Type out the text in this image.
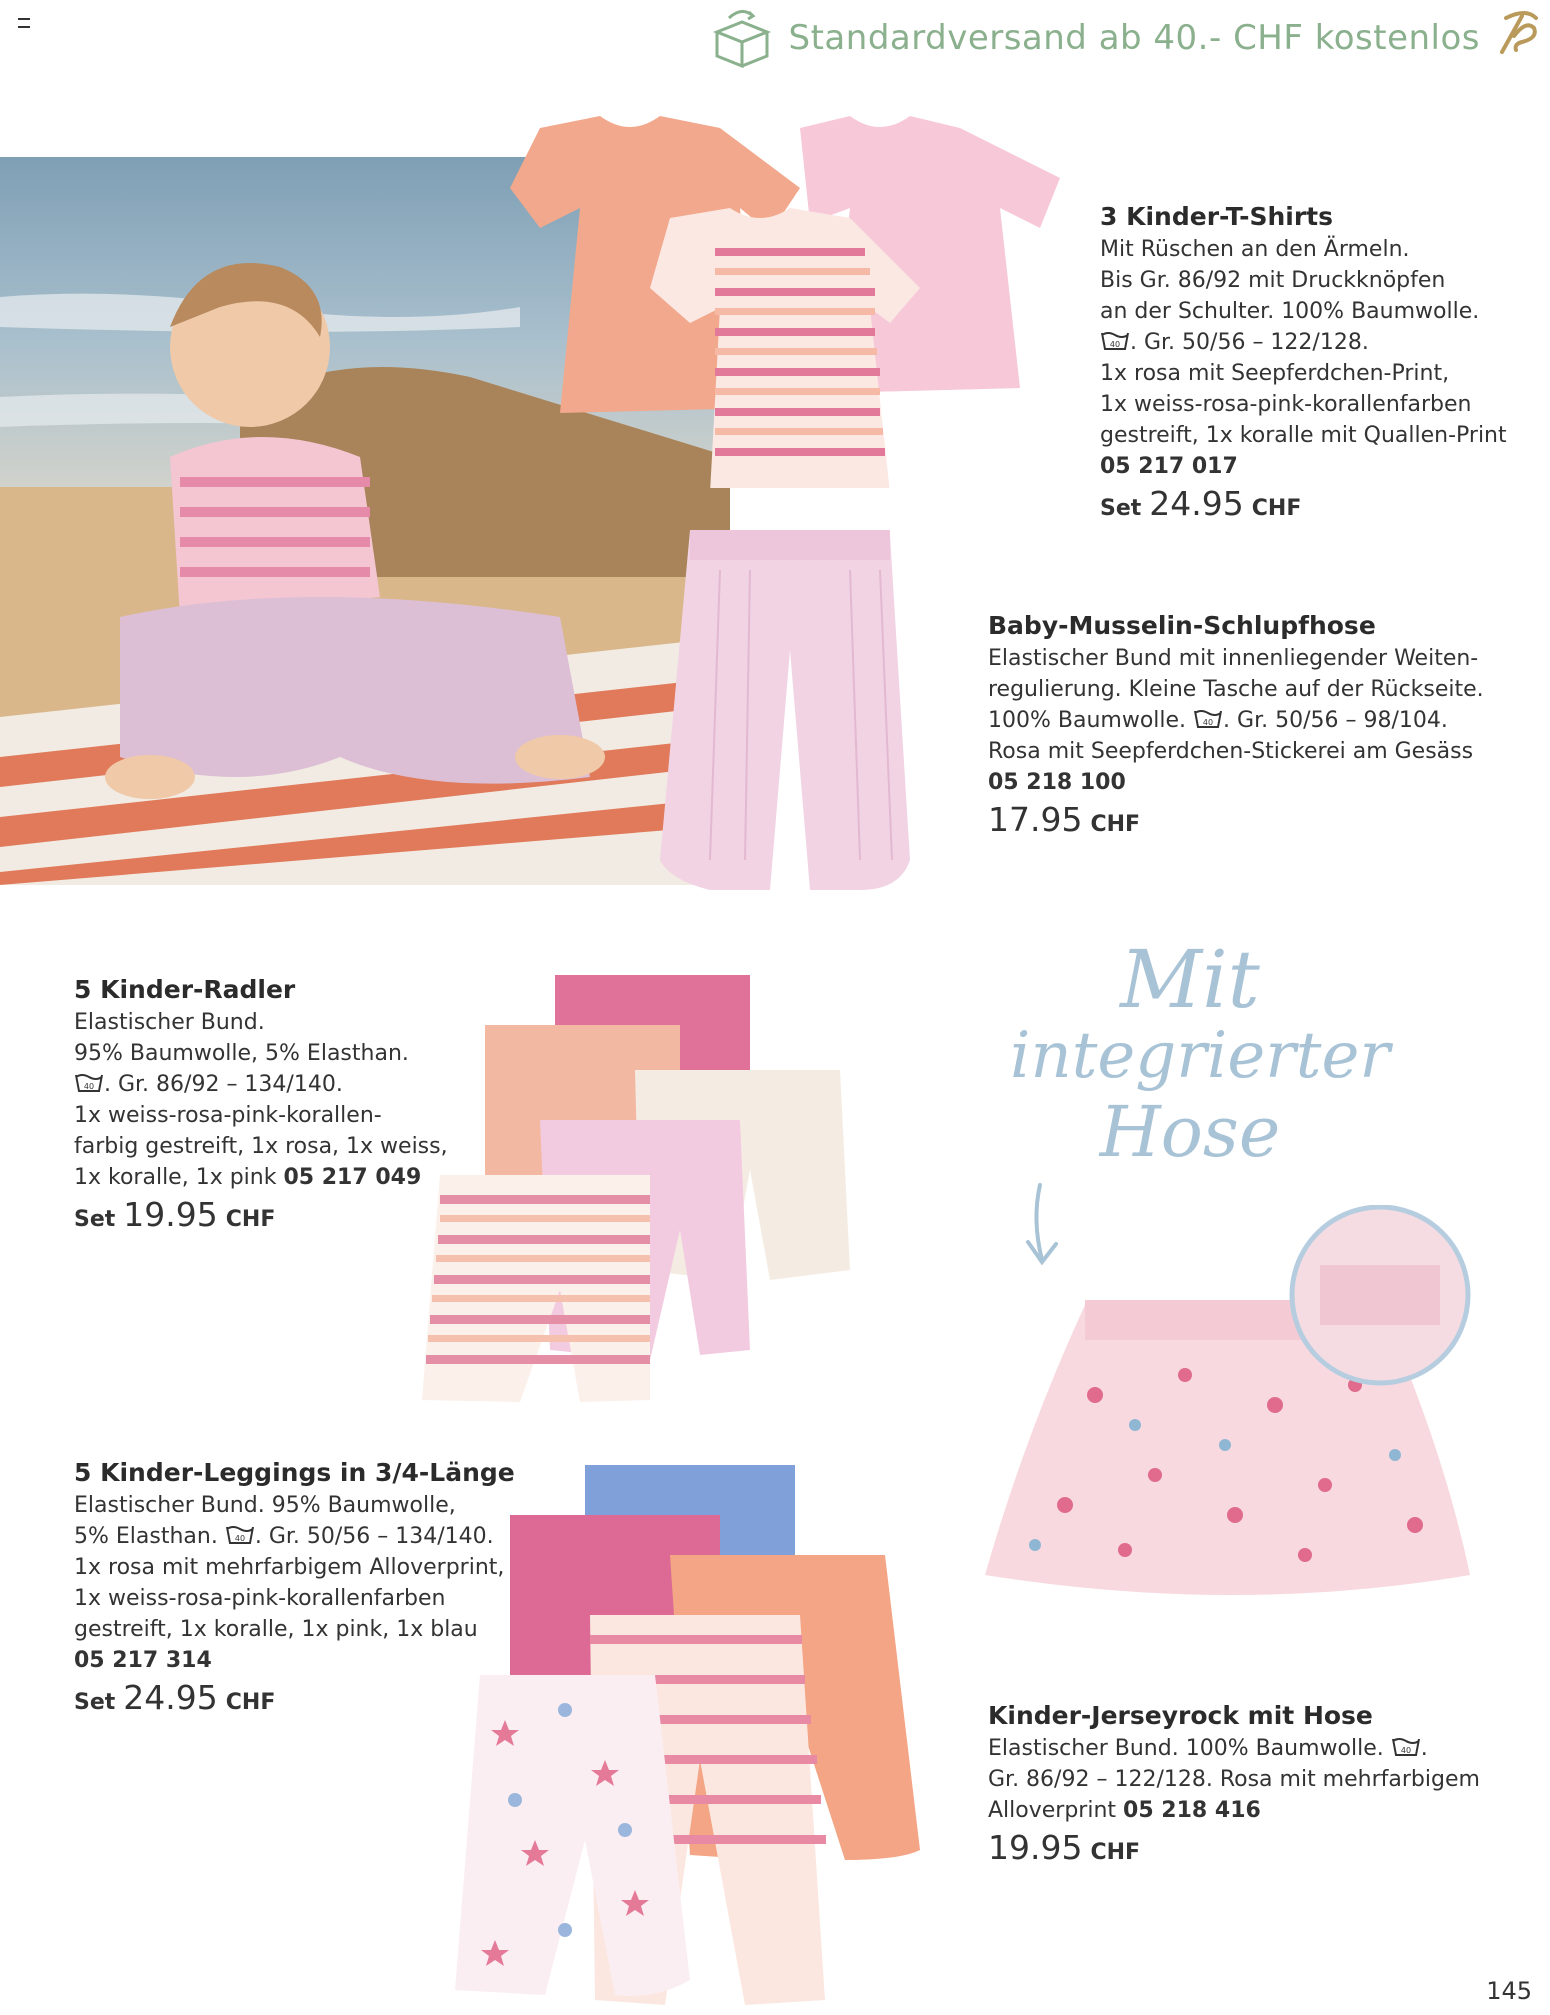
Standardversand ab 40.- CHF kostenlos
3 Kinder-T-Shirts
Mit Rüschen an den Ärmeln.
Bis Gr. 86/92 mit Druckknöpfen
an der Schulter. 100% Baumwolle.
40 . Gr. 50/56 – 122/128.
1x rosa mit Seepferdchen-Print,
1x weiss-rosa-pink-korallenfarben
gestreift, 1x koralle mit Quallen-Print
05 217 017
Set 24.95 CHF
Baby-Musselin-Schlupfhose
Elastischer Bund mit innenliegender Weiten-
regulierung. Kleine Tasche auf der Rückseite.
100% Baumwolle. 40 . Gr. 50/56 – 98/104.
Rosa mit Seepferdchen-Stickerei am Gesäss
05 218 100
17.95 CHF
5 Kinder-Radler
Elastischer Bund.
95% Baumwolle, 5% Elasthan.
40 . Gr. 86/92 – 134/140.
1x weiss-rosa-pink-korallen-
farbig gestreift, 1x rosa, 1x weiss,
1x koralle, 1x pink 05 217 049
Set 19.95 CHF
Mit
integrierter
Hose
5 Kinder-Leggings in 3/4-Länge
Elastischer Bund. 95% Baumwolle,
5% Elasthan. 40 . Gr. 50/56 – 134/140.
1x rosa mit mehrfarbigem Alloverprint,
1x weiss-rosa-pink-korallenfarben
gestreift, 1x koralle, 1x pink, 1x blau
05 217 314
Set 24.95 CHF	Kinder-Jerseyrock mit Hose
Elastischer Bund. 100% Baumwolle. 40 .
Gr. 86/92 – 122/128. Rosa mit mehrfarbigem
Alloverprint 05 218 416
19.95 CHF
145
